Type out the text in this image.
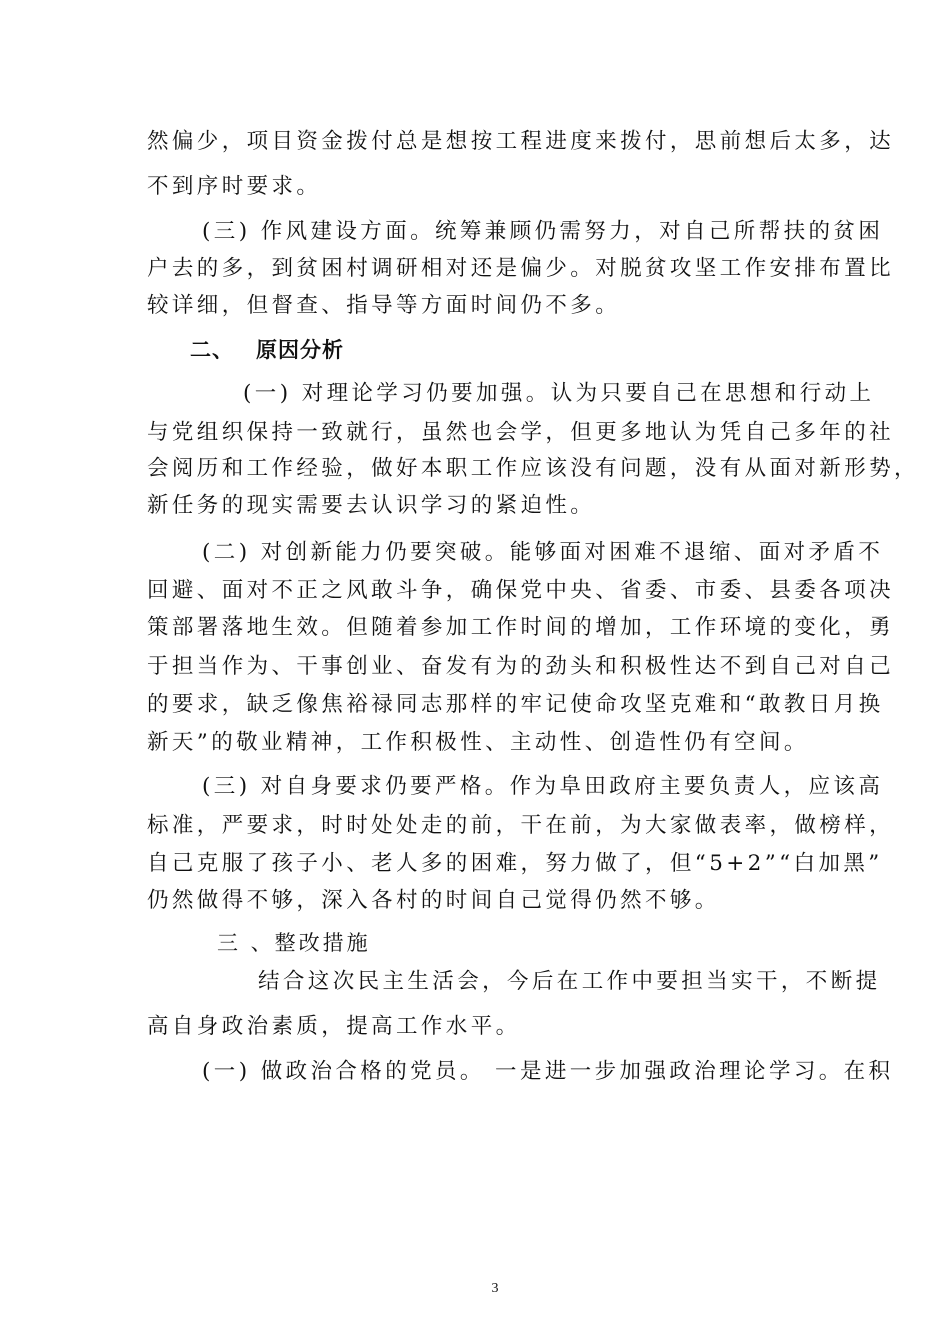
然偏少，项目资金拨付总是想按工程进度来拨付，思前想后太多，达
不到序时要求。
(三) 作风建设方面。统筹兼顾仍需努力，对自己所帮扶的贫困
户去的多，到贫困村调研相对还是偏少。对脱贫攻坚工作安排布置比
较详细，但督查、指导等方面时间仍不多。
二、 原因分析
(一) 对理论学习仍要加强。认为只要自己在思想和行动上
与党组织保持一致就行，虽然也会学，但更多地认为凭自己多年的社
会阅历和工作经验，做好本职工作应该没有问题，没有从面对新形势，
新任务的现实需要去认识学习的紧迫性。
(二) 对创新能力仍要突破。能够面对困难不退缩、面对矛盾不
回避、面对不正之风敢斗争，确保党中央、省委、市委、县委各项决
策部署落地生效。但随着参加工作时间的增加，工作环境的变化，勇
于担当作为、干事创业、奋发有为的劲头和积极性达不到自己对自己
的要求，缺乏像焦裕禄同志那样的牢记使命攻坚克难和“敢教日月换
新天”的敬业精神，工作积极性、主动性、创造性仍有空间。
(三) 对自身要求仍要严格。作为阜田政府主要负责人，应该高
标准，严要求，时时处处走的前，干在前，为大家做表率，做榜样，
自己克服了孩子小、老人多的困难，努力做了，但“5+2”“白加黑”
仍然做得不够，深入各村的时间自己觉得仍然不够。
三 、整改措施
结合这次民主生活会，今后在工作中要担当实干，不断提
高自身政治素质，提高工作水平。
(一) 做政治合格的党员。 一是进一步加强政治理论学习。在积
3
